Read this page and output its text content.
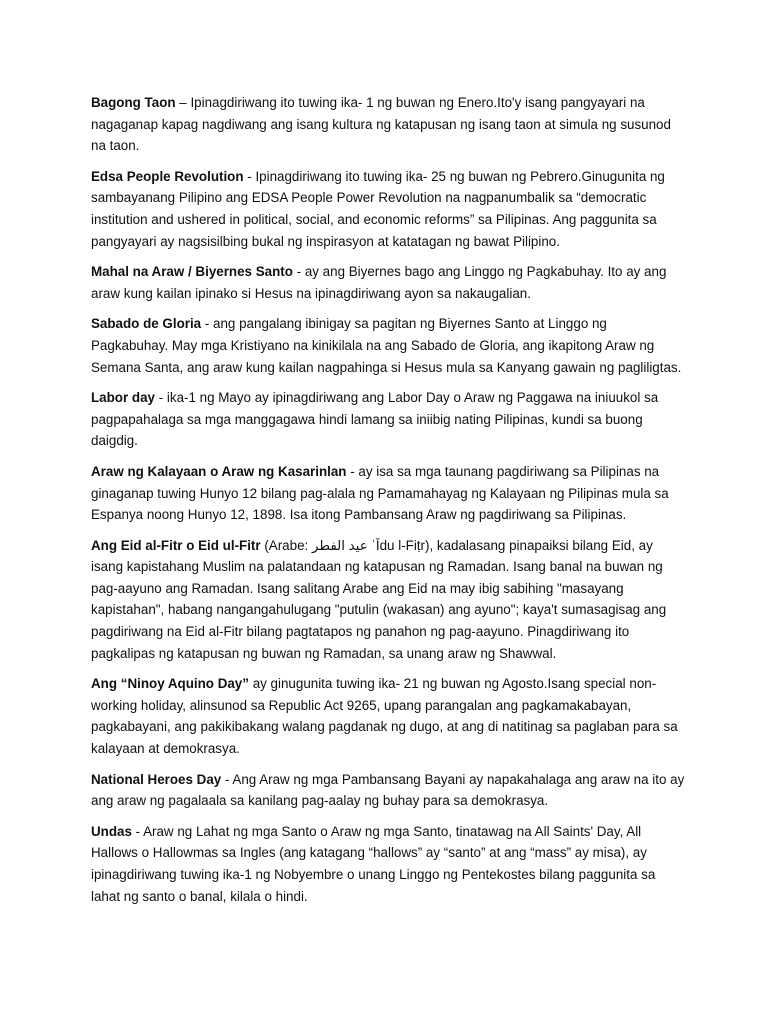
Bagong Taon – Ipinagdiriwang ito tuwing ika- 1 ng buwan ng Enero.Ito'y isang pangyayari na nagaganap kapag nagdiwang ang isang kultura ng katapusan ng isang taon at simula ng susunod na taon.

Edsa People Revolution - Ipinagdiriwang ito tuwing ika- 25 ng buwan ng Pebrero.Ginugunita ng sambayanang Pilipino ang EDSA People Power Revolution na nagpanumbalik sa “democratic institution and ushered in political, social, and economic reforms” sa Pilipinas. Ang paggunita sa pangyayari ay nagsisilbing bukal ng inspirasyon at katatagan ng bawat Pilipino.

Mahal na Araw / Biyernes Santo - ay ang Biyernes bago ang Linggo ng Pagkabuhay. Ito ay ang araw kung kailan ipinako si Hesus na ipinagdiriwang ayon sa nakaugalian.

Sabado de Gloria - ang pangalang ibinigay sa pagitan ng Biyernes Santo at Linggo ng Pagkabuhay. May mga Kristiyano na kinikilala na ang Sabado de Gloria, ang ikapitong Araw ng Semana Santa, ang araw kung kailan nagpahinga si Hesus mula sa Kanyang gawain ng pagliligtas.

Labor day - ika-1 ng Mayo ay ipinagdiriwang ang Labor Day o Araw ng Paggawa na iniuukol sa pagpapahalaga sa mga manggagawa hindi lamang sa iniibig nating Pilipinas, kundi sa buong daigdig.

Araw ng Kalayaan o Araw ng Kasarinlan - ay isa sa mga taunang pagdiriwang sa Pilipinas na ginaganap tuwing Hunyo 12 bilang pag-alala ng Pamamahayag ng Kalayaan ng Pilipinas mula sa Espanya noong Hunyo 12, 1898. Isa itong Pambansang Araw ng pagdiriwang sa Pilipinas.

Ang Eid al-Fitr o Eid ul-Fitr (Arabe: عيد الفطر ʿĪdu l-Fiṭr), kadalasang pinapaiksi bilang Eid, ay isang kapistahang Muslim na palatandaan ng katapusan ng Ramadan. Isang banal na buwan ng pag-aayuno ang Ramadan. Isang salitang Arabe ang Eid na may ibig sabihing "masayang kapistahan", habang nangangahulugang "putulin (wakasan) ang ayuno"; kaya't sumasagisag ang pagdiriwang na Eid al-Fitr bilang pagtatapos ng panahon ng pag-aayuno. Pinagdiriwang ito pagkalipas ng katapusan ng buwan ng Ramadan, sa unang araw ng Shawwal.

Ang “Ninoy Aquino Day” ay ginugunita tuwing ika- 21 ng buwan ng Agosto.Isang special non-working holiday, alinsunod sa Republic Act 9265, upang parangalan ang pagkamakabayan, pagkabayani, ang pakikibakang walang pagdanak ng dugo, at ang di natitinag sa paglaban para sa kalayaan at demokrasya.

National Heroes Day - Ang Araw ng mga Pambansang Bayani ay napakahalaga ang araw na ito ay ang araw ng pagalaala sa kanilang pag-aalay ng buhay para sa demokrasya.

Undas - Araw ng Lahat ng mga Santo o Araw ng mga Santo, tinatawag na All Saints' Day, All Hallows o Hallowmas sa Ingles (ang katagang “hallows” ay “santo” at ang “mass” ay misa), ay ipinagdiriwang tuwing ika-1 ng Nobyembre o unang Linggo ng Pentekostes bilang paggunita sa lahat ng santo o banal, kilala o hindi.
